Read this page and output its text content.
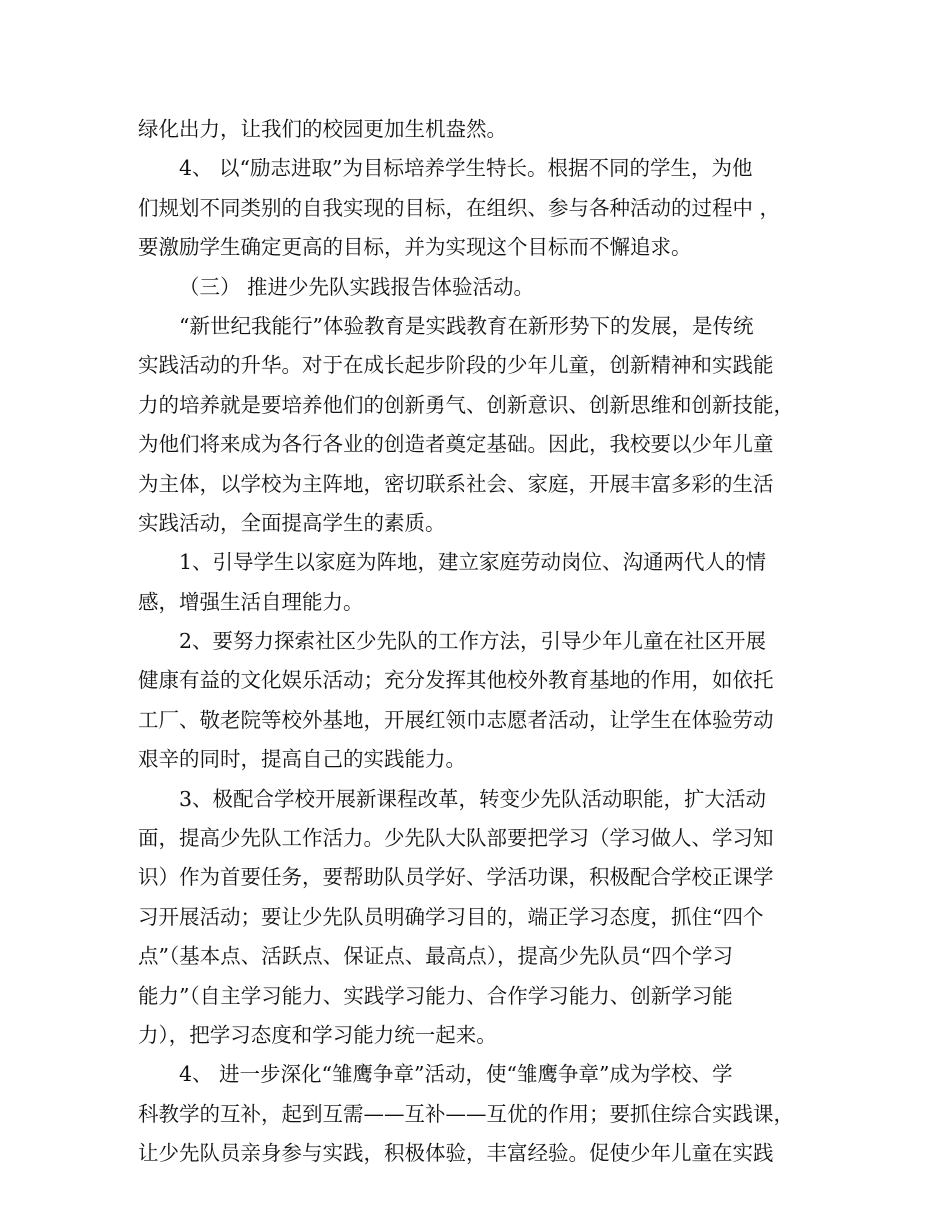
绿化出力，让我们的校园更加生机盎然。
4、 以“励志进取”为目标培养学生特长。根据不同的学生，为他
们规划不同类别的自我实现的目标，在组织、参与各种活动的过程中 ，
要激励学生确定更高的目标，并为实现这个目标而不懈追求。
（三） 推进少先队实践报告体验活动。
“新世纪我能行”体验教育是实践教育在新形势下的发展，是传统
实践活动的升华。对于在成长起步阶段的少年儿童，创新精神和实践能
力的培养就是要培养他们的创新勇气、创新意识、创新思维和创新技能，
为他们将来成为各行各业的创造者奠定基础。因此，我校要以少年儿童
为主体，以学校为主阵地，密切联系社会、家庭，开展丰富多彩的生活
实践活动，全面提高学生的素质。
1、引导学生以家庭为阵地，建立家庭劳动岗位、沟通两代人的情
感，增强生活自理能力。
2、要努力探索社区少先队的工作方法，引导少年儿童在社区开展
健康有益的文化娱乐活动；充分发挥其他校外教育基地的作用，如依托
工厂、敬老院等校外基地，开展红领巾志愿者活动，让学生在体验劳动
艰辛的同时，提高自己的实践能力。
3、极配合学校开展新课程改革，转变少先队活动职能，扩大活动
面，提高少先队工作活力。少先队大队部要把学习（学习做人、学习知
识）作为首要任务，要帮助队员学好、学活功课，积极配合学校正课学
习开展活动；要让少先队员明确学习目的，端正学习态度，抓住“四个
点”（基本点、活跃点、保证点、最高点），提高少先队员“四个学习
能力”（自主学习能力、实践学习能力、合作学习能力、创新学习能
力），把学习态度和学习能力统一起来。
4、 进一步深化“雏鹰争章”活动，使“雏鹰争章”成为学校、学
科教学的互补，起到互需——互补——互优的作用；要抓住综合实践课，
让少先队员亲身参与实践，积极体验，丰富经验。促使少年儿童在实践
